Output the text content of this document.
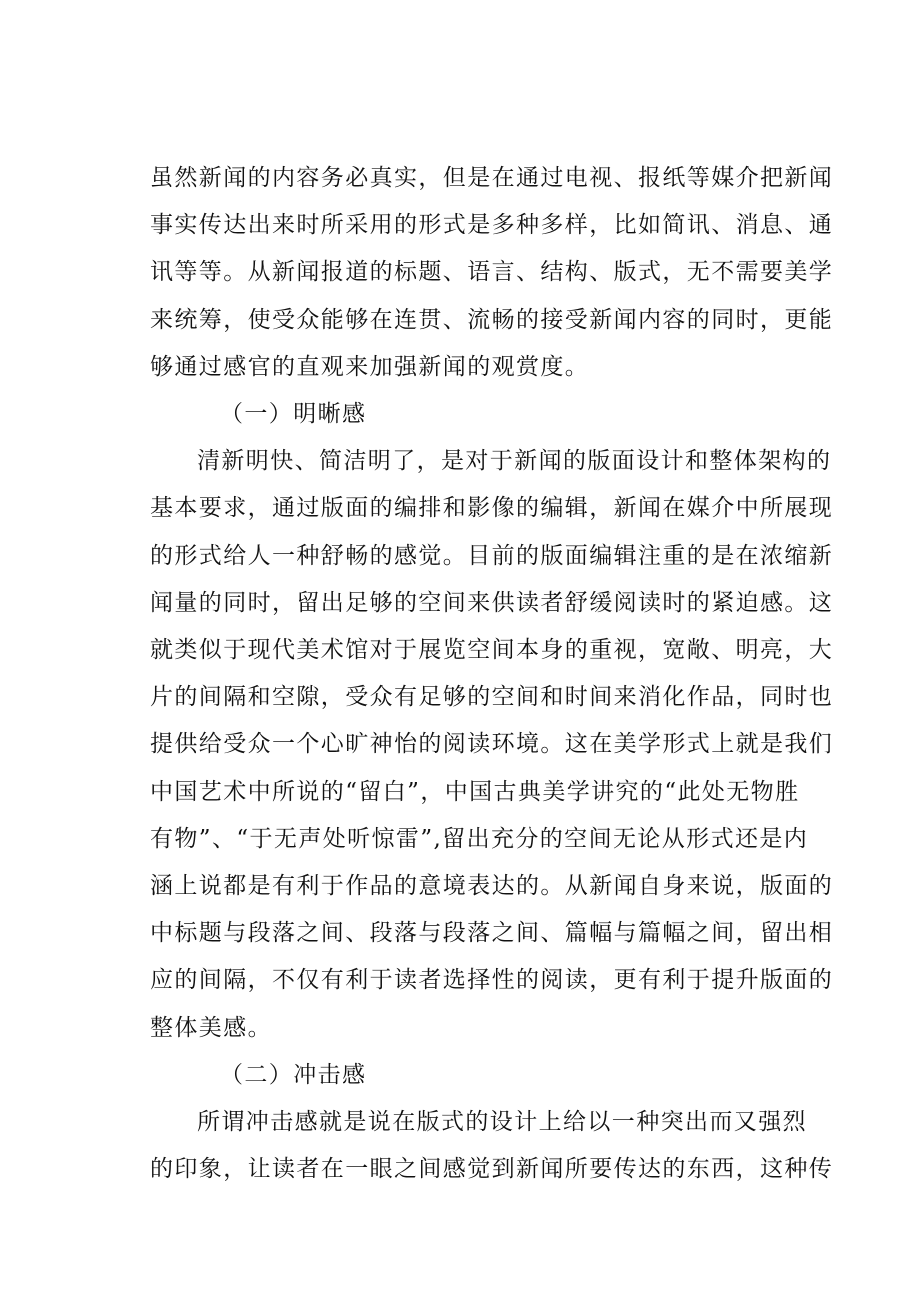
虽然新闻的内容务必真实，但是在通过电视、报纸等媒介把新闻
事实传达出来时所采用的形式是多种多样，比如简讯、消息、通
讯等等。从新闻报道的标题、语言、结构、版式，无不需要美学
来统筹，使受众能够在连贯、流畅的接受新闻内容的同时，更能
够通过感官的直观来加强新闻的观赏度。
（一）明晰感
清新明快、简洁明了，是对于新闻的版面设计和整体架构的
基本要求，通过版面的编排和影像的编辑，新闻在媒介中所展现
的形式给人一种舒畅的感觉。目前的版面编辑注重的是在浓缩新
闻量的同时，留出足够的空间来供读者舒缓阅读时的紧迫感。这
就类似于现代美术馆对于展览空间本身的重视，宽敞、明亮，大
片的间隔和空隙，受众有足够的空间和时间来消化作品，同时也
提供给受众一个心旷神怡的阅读环境。这在美学形式上就是我们
中国艺术中所说的“留白”，中国古典美学讲究的“此处无物胜
有物”、“于无声处听惊雷”,留出充分的空间无论从形式还是内
涵上说都是有利于作品的意境表达的。从新闻自身来说，版面的
中标题与段落之间、段落与段落之间、篇幅与篇幅之间，留出相
应的间隔，不仅有利于读者选择性的阅读，更有利于提升版面的
整体美感。
（二）冲击感
所谓冲击感就是说在版式的设计上给以一种突出而又强烈
的印象，让读者在一眼之间感觉到新闻所要传达的东西，这种传
